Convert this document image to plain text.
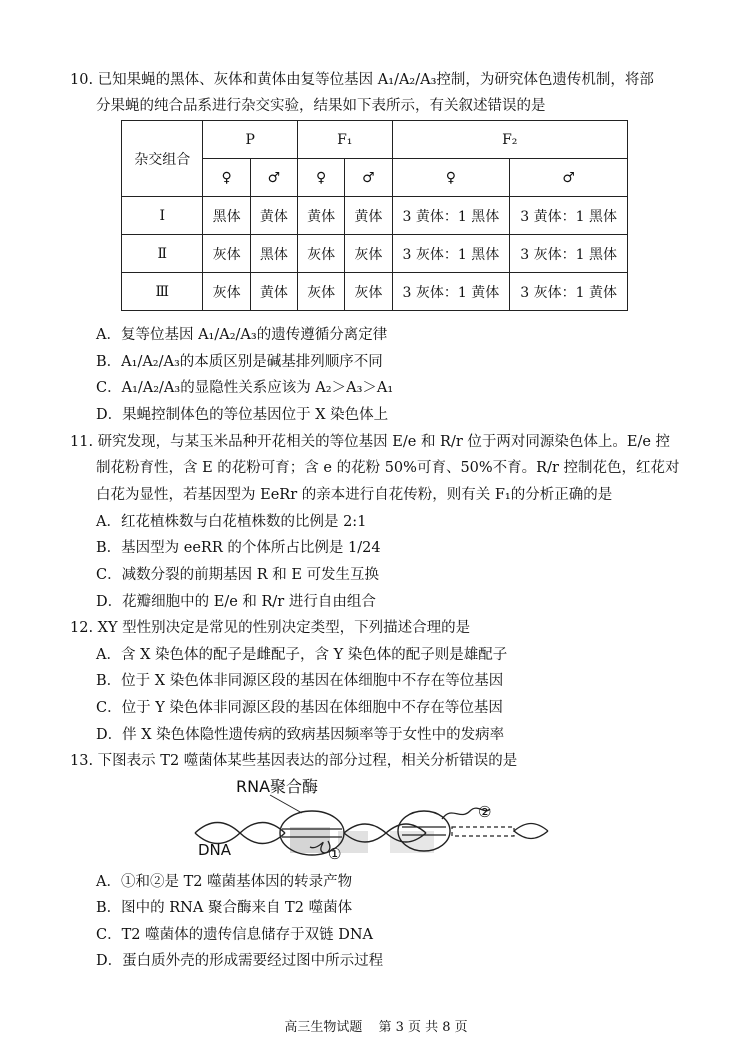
10. 已知果蝇的黑体、灰体和黄体由复等位基因 A₁/A₂/A₃控制，为研究体色遗传机制，将部
分果蝇的纯合品系进行杂交实验，结果如下表所示，有关叙述错误的是
杂交组合	P		F₁		F₂	
	♀	♂	♀	♂	♀	♂
Ⅰ	黑体	黄体	黄体	黄体	3 黄体：1 黑体	3 黄体：1 黑体
Ⅱ	灰体	黑体	灰体	灰体	3 灰体：1 黑体	3 灰体：1 黑体
Ⅲ	灰体	黄体	灰体	灰体	3 灰体：1 黄体	3 灰体：1 黄体
A．复等位基因 A₁/A₂/A₃的遗传遵循分离定律
B．A₁/A₂/A₃的本质区别是碱基排列顺序不同
C．A₁/A₂/A₃的显隐性关系应该为 A₂＞A₃＞A₁
D．果蝇控制体色的等位基因位于 X 染色体上
11. 研究发现，与某玉米品种开花相关的等位基因 E/e 和 R/r 位于两对同源染色体上。E/e 控
制花粉育性，含 E 的花粉可育；含 e 的花粉 50%可育、50%不育。R/r 控制花色，红花对
白花为显性，若基因型为 EeRr 的亲本进行自花传粉，则有关 F₁的分析正确的是
A．红花植株数与白花植株数的比例是 2:1
B．基因型为 eeRR 的个体所占比例是 1/24
C．减数分裂的前期基因 R 和 E 可发生互换
D．花瓣细胞中的 E/e 和 R/r 进行自由组合
12. XY 型性别决定是常见的性别决定类型，下列描述合理的是
A．含 X 染色体的配子是雌配子，含 Y 染色体的配子则是雄配子
B．位于 X 染色体非同源区段的基因在体细胞中不存在等位基因
C．位于 Y 染色体非同源区段的基因在体细胞中不存在等位基因
D．伴 X 染色体隐性遗传病的致病基因频率等于女性中的发病率
13. 下图表示 T2 噬菌体某些基因表达的部分过程，相关分析错误的是
RNA聚合酶
DNA	①
②
A．①和②是 T2 噬菌基体因的转录产物
B．图中的 RNA 聚合酶来自 T2 噬菌体
C．T2 噬菌体的遗传信息储存于双链 DNA
D．蛋白质外壳的形成需要经过图中所示过程
高三生物试题 第 3 页 共 8 页
